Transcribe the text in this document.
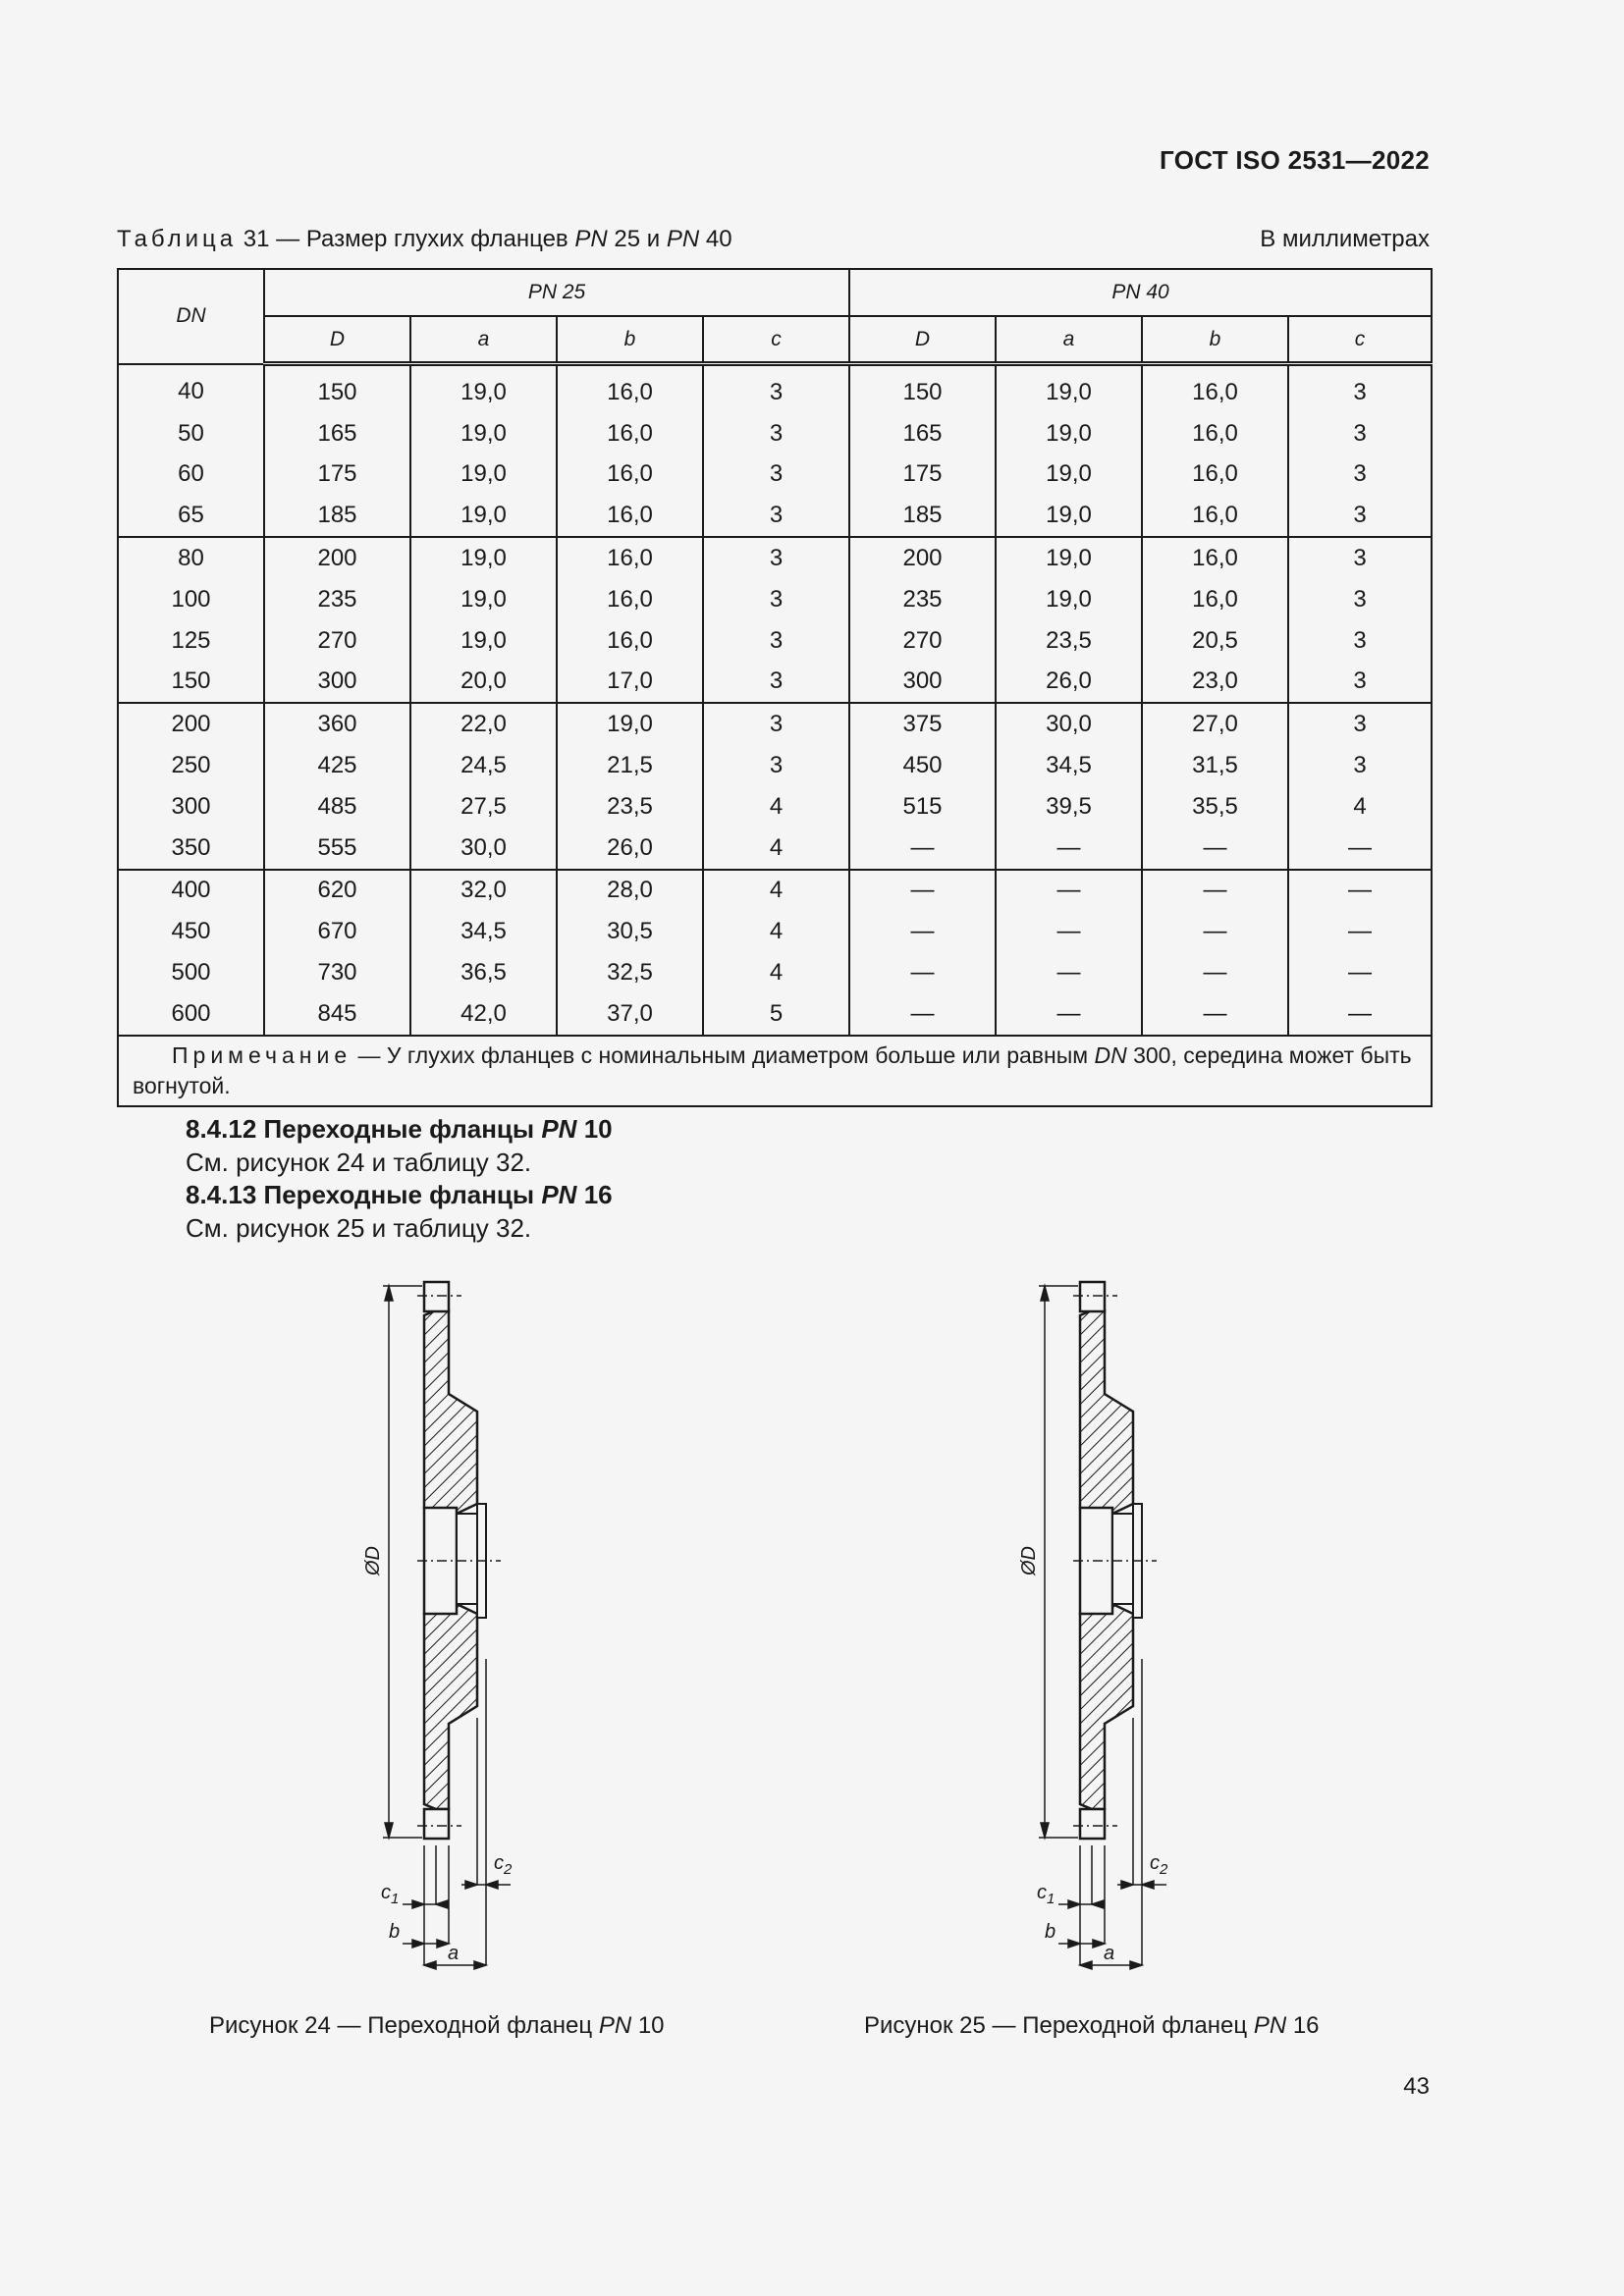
ГОСТ ISO 2531—2022
Таблица 31 — Размер глухих фланцев PN 25 и PN 40	В миллиметрах
DN	PN 25				PN 40			
	D	a	b	c	D	a	b	c
40	150	19,0	16,0	3	150	19,0	16,0	3
50	165	19,0	16,0	3	165	19,0	16,0	3
60	175	19,0	16,0	3	175	19,0	16,0	3
65	185	19,0	16,0	3	185	19,0	16,0	3
80	200	19,0	16,0	3	200	19,0	16,0	3
100	235	19,0	16,0	3	235	19,0	16,0	3
125	270	19,0	16,0	3	270	23,5	20,5	3
150	300	20,0	17,0	3	300	26,0	23,0	3
200	360	22,0	19,0	3	375	30,0	27,0	3
250	425	24,5	21,5	3	450	34,5	31,5	3
300	485	27,5	23,5	4	515	39,5	35,5	4
350	555	30,0	26,0	4	—	—	—	—
400	620	32,0	28,0	4	—	—	—	—
450	670	34,5	30,5	4	—	—	—	—
500	730	36,5	32,5	4	—	—	—	—
600	845	42,0	37,0	5	—	—	—	—
Примечание — У глухих фланцев с номинальным диаметром больше или равным DN 300, середина может быть вогнутой.								
8.4.12 Переходные фланцы PN 10
См. рисунок 24 и таблицу 32.
8.4.13 Переходные фланцы PN 16
См. рисунок 25 и таблицу 32.
ØD
$c_2$
$c_1$
b
a
ØD
$c_2$
$c_1$
b
a
Рисунок 24 — Переходной фланец PN 10	Рисунок 25 — Переходной фланец PN 16
43
